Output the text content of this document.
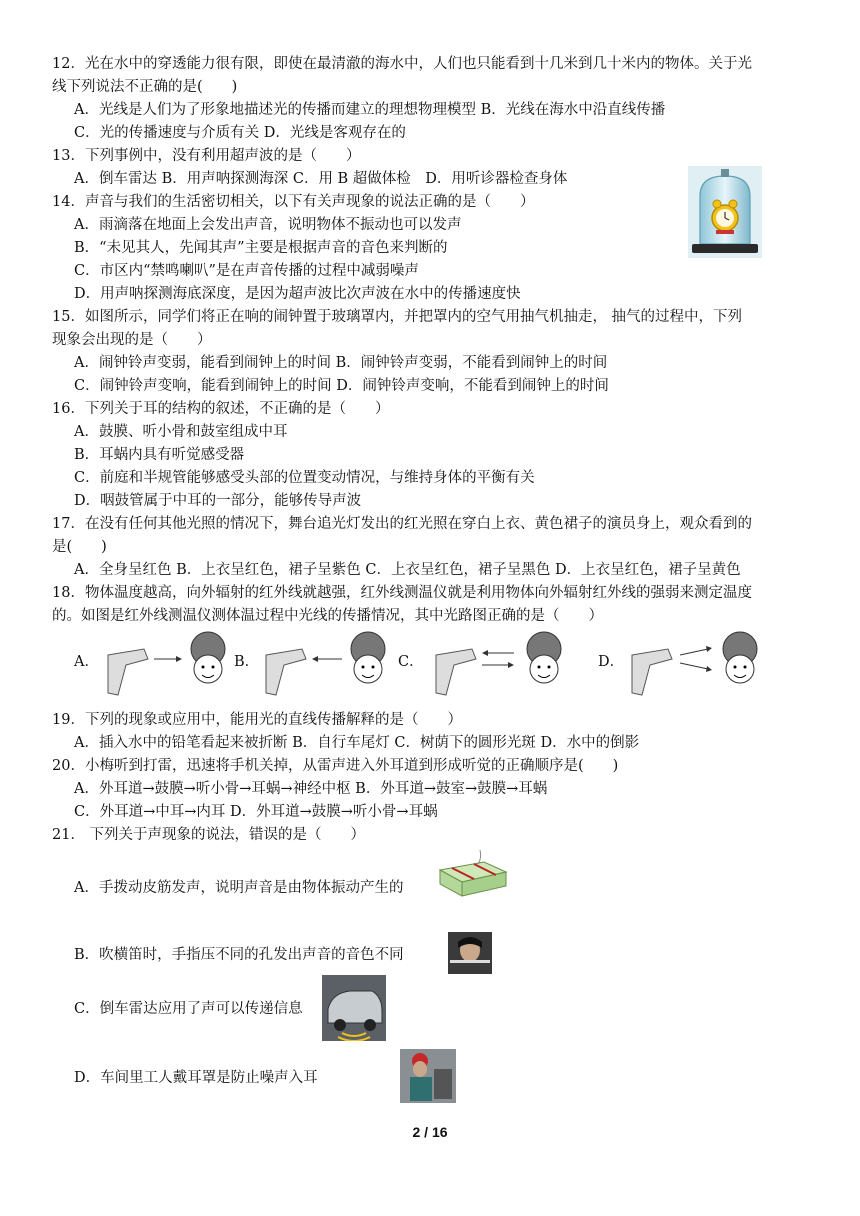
12．光在水中的穿透能力很有限，即使在最清澈的海水中，人们也只能看到十几米到几十米内的物体。关于光
线下列说法不正确的是(　　)
A．光线是人们为了形象地描述光的传播而建立的理想物理模型 B．光线在海水中沿直线传播
C．光的传播速度与介质有关 D．光线是客观存在的
13．下列事例中，没有利用超声波的是（　　）
A．倒车雷达 B．用声呐探测海深 C．用 B 超做体检　D．用听诊器检查身体
14．声音与我们的生活密切相关，以下有关声现象的说法正确的是（　　）
A．雨滴落在地面上会发出声音，说明物体不振动也可以发声
B．“未见其人，先闻其声”主要是根据声音的音色来判断的
C．市区内“禁鸣喇叭”是在声音传播的过程中减弱噪声
D．用声呐探测海底深度，是因为超声波比次声波在水中的传播速度快
15．如图所示，同学们将正在响的闹钟置于玻璃罩内，并把罩内的空气用抽气机抽走， 抽气的过程中，下列
现象会出现的是（　　）
A．闹钟铃声变弱，能看到闹钟上的时间 B．闹钟铃声变弱，不能看到闹钟上的时间
C．闹钟铃声变响，能看到闹钟上的时间 D．闹钟铃声变响，不能看到闹钟上的时间
16．下列关于耳的结构的叙述，不正确的是（　　）
A．鼓膜、听小骨和鼓室组成中耳
B．耳蜗内具有听觉感受器
C．前庭和半规管能够感受头部的位置变动情况，与维持身体的平衡有关
D．咽鼓管属于中耳的一部分，能够传导声波
17．在没有任何其他光照的情况下，舞台追光灯发出的红光照在穿白上衣、黄色裙子的演员身上，观众看到的
是(　　)
A．全身呈红色 B．上衣呈红色，裙子呈紫色 C．上衣呈红色，裙子呈黑色 D．上衣呈红色，裙子呈黄色
18．物体温度越高，向外辐射的红外线就越强，红外线测温仪就是利用物体向外辐射红外线的强弱来测定温度
的。如图是红外线测温仪测体温过程中光线的传播情况，其中光路图正确的是（　　）
A．	B．	C．	D．
19．下列的现象或应用中，能用光的直线传播解释的是（　　）
A．插入水中的铅笔看起来被折断 B．自行车尾灯 C．树荫下的圆形光斑 D．水中的倒影
20．小梅听到打雷，迅速将手机关掉，从雷声进入外耳道到形成听觉的正确顺序是(　　)
A．外耳道→鼓膜→听小骨→耳蜗→神经中枢 B．外耳道→鼓室→鼓膜→耳蜗
C．外耳道→中耳→内耳 D．外耳道→鼓膜→听小骨→耳蜗
21． 下列关于声现象的说法，错误的是（　　）
A．手拨动皮筋发声，说明声音是由物体振动产生的
B．吹横笛时，手指压不同的孔发出声音的音色不同
C．倒车雷达应用了声可以传递信息
D．车间里工人戴耳罩是防止噪声入耳
2 / 16
